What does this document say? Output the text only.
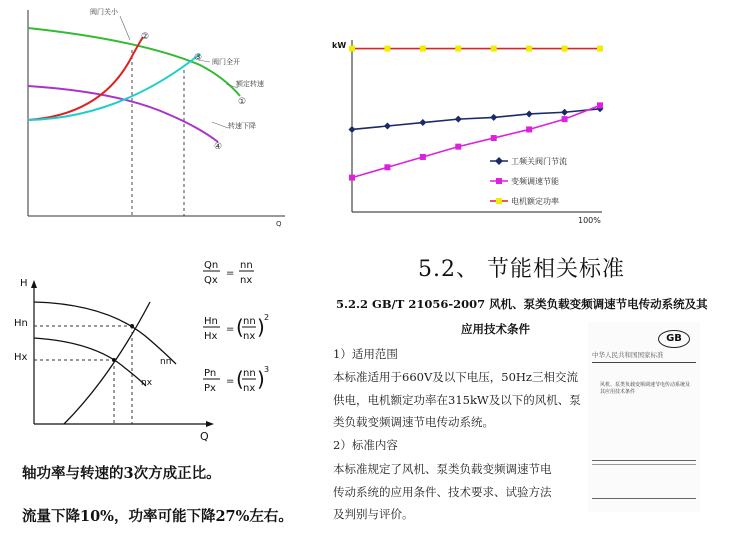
阀门关小
②
③ 阀门全开
额定转速
①
转速下降
④
Q
kW
工频关阀门节流
变频调速节能
电机额定功率
100%
H
Q
Hn
Hx	nn
nx
Qn
Qx
=
nn
nx
Hn
Hx
= ( nn
nx ) 2
Pn
Px
= ( nn
nx ) 3
轴功率与转速的3次方成正比。
流量下降10%，功率可能下降27%左右。
5.2、 节能相关标准
5.2.2 GB/T 21056-2007 风机、泵类负载变频调速节电传动系统及其
应用技术条件
1）适用范围
本标准适用于660V及以下电压，50Hz三相交流
供电，电机额定功率在315kW及以下的风机、泵
类负载变频调速节电传动系统。
2）标准内容
本标准规定了风机、泵类负载变频调速节电
传动系统的应用条件、技术要求、试验方法
及判别与评价。
GB
中华人民共和国国家标准
风机、泵类负载变频调速节电传动系统及其应用技术条件
